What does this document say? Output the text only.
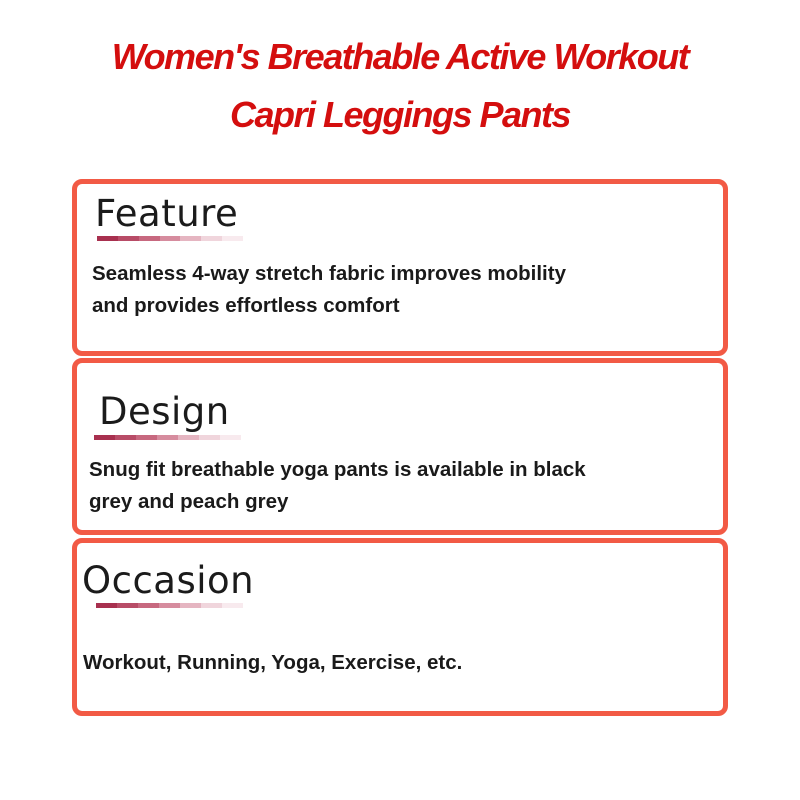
Women's Breathable Active Workout
Capri Leggings Pants
Feature
Seamless 4-way stretch fabric improves mobility
and provides effortless comfort
Design
Snug fit breathable yoga pants is available in black
grey and peach grey
Occasion
Workout, Running, Yoga, Exercise, etc.
